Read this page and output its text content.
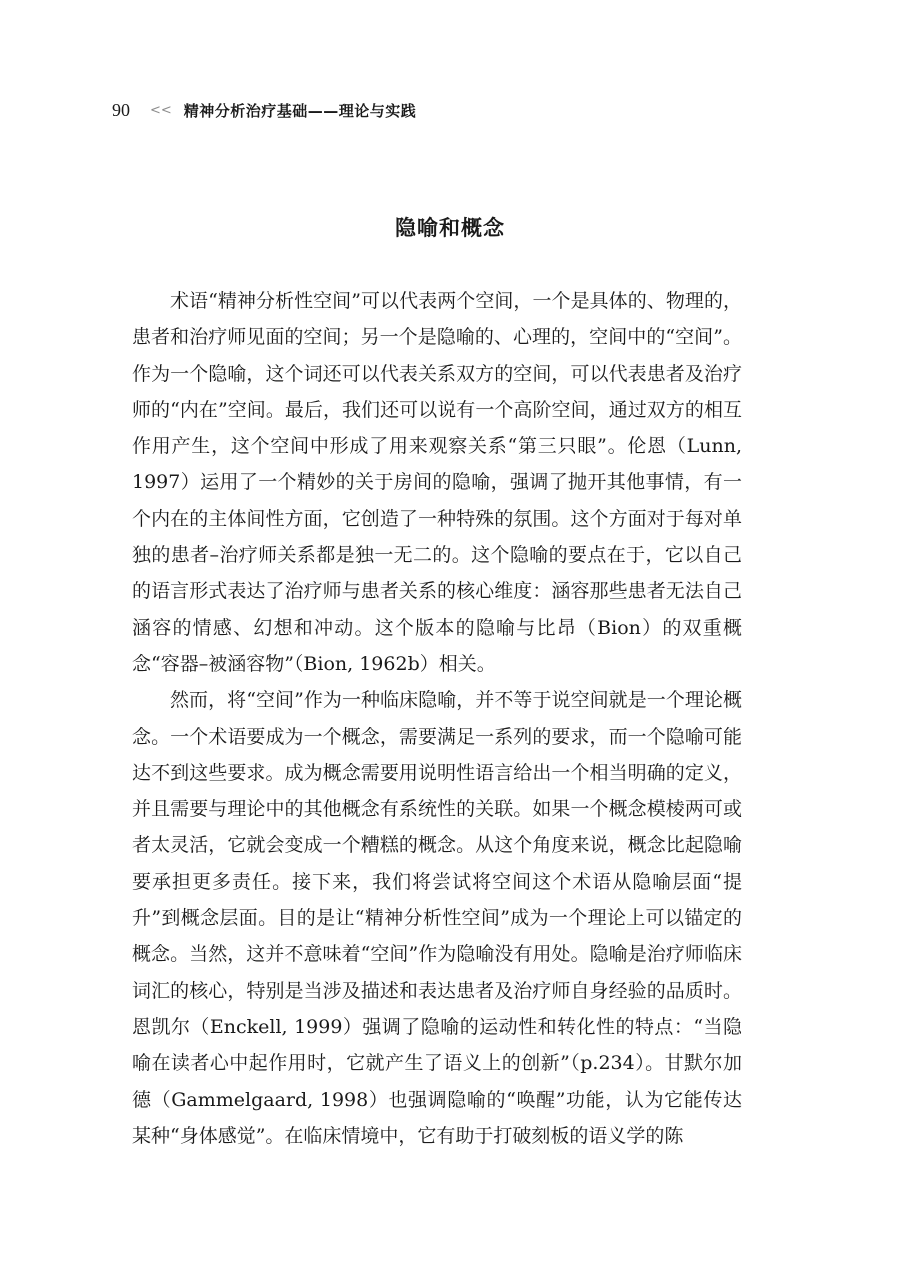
90 << 精神分析治疗基础——理论与实践
隐喻和概念

术语“精神分析性空间”可以代表两个空间，一个是具体的、物理的，患者和治疗师见面的空间；另一个是隐喻的、心理的，空间中的“空间”。作为一个隐喻，这个词还可以代表关系双方的空间，可以代表患者及治疗师的“内在”空间。最后，我们还可以说有一个高阶空间，通过双方的相互作用产生，这个空间中形成了用来观察关系“第三只眼”。伦恩（Lunn, 1997）运用了一个精妙的关于房间的隐喻，强调了抛开其他事情，有一个内在的主体间性方面，它创造了一种特殊的氛围。这个方面对于每对单独的患者–治疗师关系都是独一无二的。这个隐喻的要点在于，它以自己的语言形式表达了治疗师与患者关系的核心维度：涵容那些患者无法自己涵容的情感、幻想和冲动。这个版本的隐喻与比昂（Bion）的双重概念“容器–被涵容物”（Bion, 1962b）相关。

然而，将“空间”作为一种临床隐喻，并不等于说空间就是一个理论概念。一个术语要成为一个概念，需要满足一系列的要求，而一个隐喻可能达不到这些要求。成为概念需要用说明性语言给出一个相当明确的定义，并且需要与理论中的其他概念有系统性的关联。如果一个概念模棱两可或者太灵活，它就会变成一个糟糕的概念。从这个角度来说，概念比起隐喻要承担更多责任。接下来，我们将尝试将空间这个术语从隐喻层面“提升”到概念层面。目的是让“精神分析性空间”成为一个理论上可以锚定的概念。当然，这并不意味着“空间”作为隐喻没有用处。隐喻是治疗师临床词汇的核心，特别是当涉及描述和表达患者及治疗师自身经验的品质时。恩凯尔（Enckell, 1999）强调了隐喻的运动性和转化性的特点：“当隐喻在读者心中起作用时，它就产生了语义上的创新”（p.234）。甘默尔加德（Gammelgaard, 1998）也强调隐喻的“唤醒”功能，认为它能传达某种“身体感觉”。在临床情境中，它有助于打破刻板的语义学的陈
